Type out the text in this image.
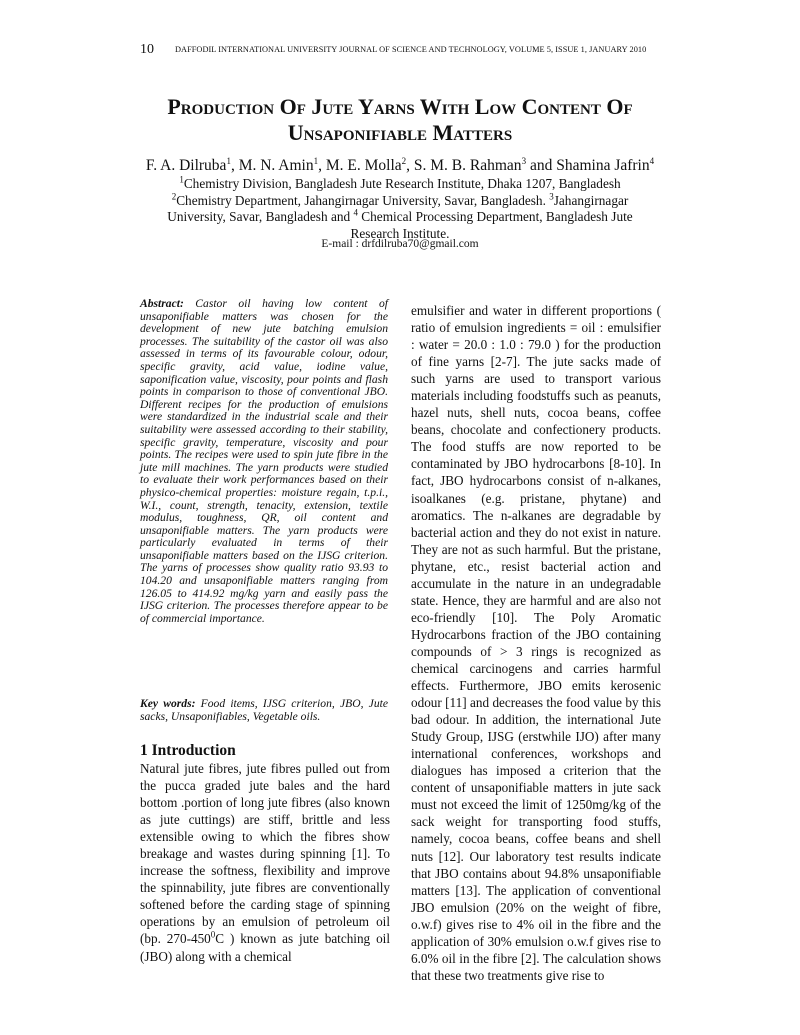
10	DAFFODIL INTERNATIONAL UNIVERSITY JOURNAL OF SCIENCE AND TECHNOLOGY, VOLUME 5, ISSUE 1, JANUARY 2010
Production Of Jute Yarns With Low Content Of
Unsaponifiable Matters
F. A. Dilruba$^1$, M. N. Amin$^1$, M. E. Molla$^2$, S. M. B. Rahman$^3$ and Shamina Jafrin$^4$
$^1$Chemistry Division, Bangladesh Jute Research Institute, Dhaka 1207, Bangladesh
$^2$Chemistry Department, Jahangirnagar University, Savar, Bangladesh. $^3$Jahangirnagar University, Savar, Bangladesh and $^4$ Chemical Processing Department, Bangladesh Jute Research Institute.
E-mail : drfdilruba70@gmail.com
Abstract: Castor oil having low content of unsaponifiable matters was chosen for the development of new jute batching emulsion processes. The suitability of the castor oil was also assessed in terms of its favourable colour, odour, specific gravity, acid value, iodine value, saponification value, viscosity, pour points and flash points in comparison to those of conventional JBO. Different recipes for the production of emulsions were standardized in the industrial scale and their suitability were assessed according to their stability, specific gravity, temperature, viscosity and pour points. The recipes were used to spin jute fibre in the jute mill machines. The yarn products were studied to evaluate their work performances based on their physico-chemical properties: moisture regain, t.p.i., W.I., count, strength, tenacity, extension, textile modulus, toughness, QR, oil content and unsaponifiable matters. The yarn products were particularly evaluated in terms of their unsaponifiable matters based on the IJSG criterion. The yarns of processes show quality ratio 93.93 to 104.20 and unsaponifiable matters ranging from 126.05 to 414.92 mg/kg yarn and easily pass the IJSG criterion. The processes therefore appear to be of commercial importance.
Key words: Food items, IJSG criterion, JBO, Jute sacks, Unsaponifiables, Vegetable oils.
1 Introduction
Natural jute fibres, jute fibres pulled out from the pucca graded jute bales and the hard bottom .portion of long jute fibres (also known as jute cuttings) are stiff, brittle and less extensible owing to which the fibres show breakage and wastes during spinning [1]. To increase the softness, flexibility and improve the spinnability, jute fibres are conventionally softened before the carding stage of spinning operations by an emulsion of petroleum oil (bp. $270-450^0C$ ) known as jute batching oil (JBO) along with a chemical
emulsifier and water in different proportions ( ratio of emulsion ingredients = oil : emulsifier : water = 20.0 : 1.0 : 79.0 ) for the production of fine yarns [2-7]. The jute sacks made of such yarns are used to transport various materials including foodstuffs such as peanuts, hazel nuts, shell nuts, cocoa beans, coffee beans, chocolate and confectionery products. The food stuffs are now reported to be contaminated by JBO hydrocarbons [8-10]. In fact, JBO hydrocarbons consist of n-alkanes, isoalkanes (e.g. pristane, phytane) and aromatics. The n-alkanes are degradable by bacterial action and they do not exist in nature. They are not as such harmful. But the pristane, phytane, etc., resist bacterial action and accumulate in the nature in an undegradable state. Hence, they are harmful and are also not eco-friendly [10]. The Poly Aromatic Hydrocarbons fraction of the JBO containing compounds of > 3 rings is recognized as chemical carcinogens and carries harmful effects. Furthermore, JBO emits kerosenic odour [11] and decreases the food value by this bad odour. In addition, the international Jute Study Group, IJSG (erstwhile IJO) after many international conferences, workshops and dialogues has imposed a criterion that the content of unsaponifiable matters in jute sack must not exceed the limit of 1250mg/kg of the sack weight for transporting food stuffs, namely, cocoa beans, coffee beans and shell nuts [12]. Our laboratory test results indicate that JBO contains about 94.8% unsaponifiable matters [13]. The application of conventional JBO emulsion (20% on the weight of fibre, o.w.f) gives rise to 4% oil in the fibre and the application of 30% emulsion o.w.f gives rise to 6.0% oil in the fibre [2]. The calculation shows that these two treatments give rise to
